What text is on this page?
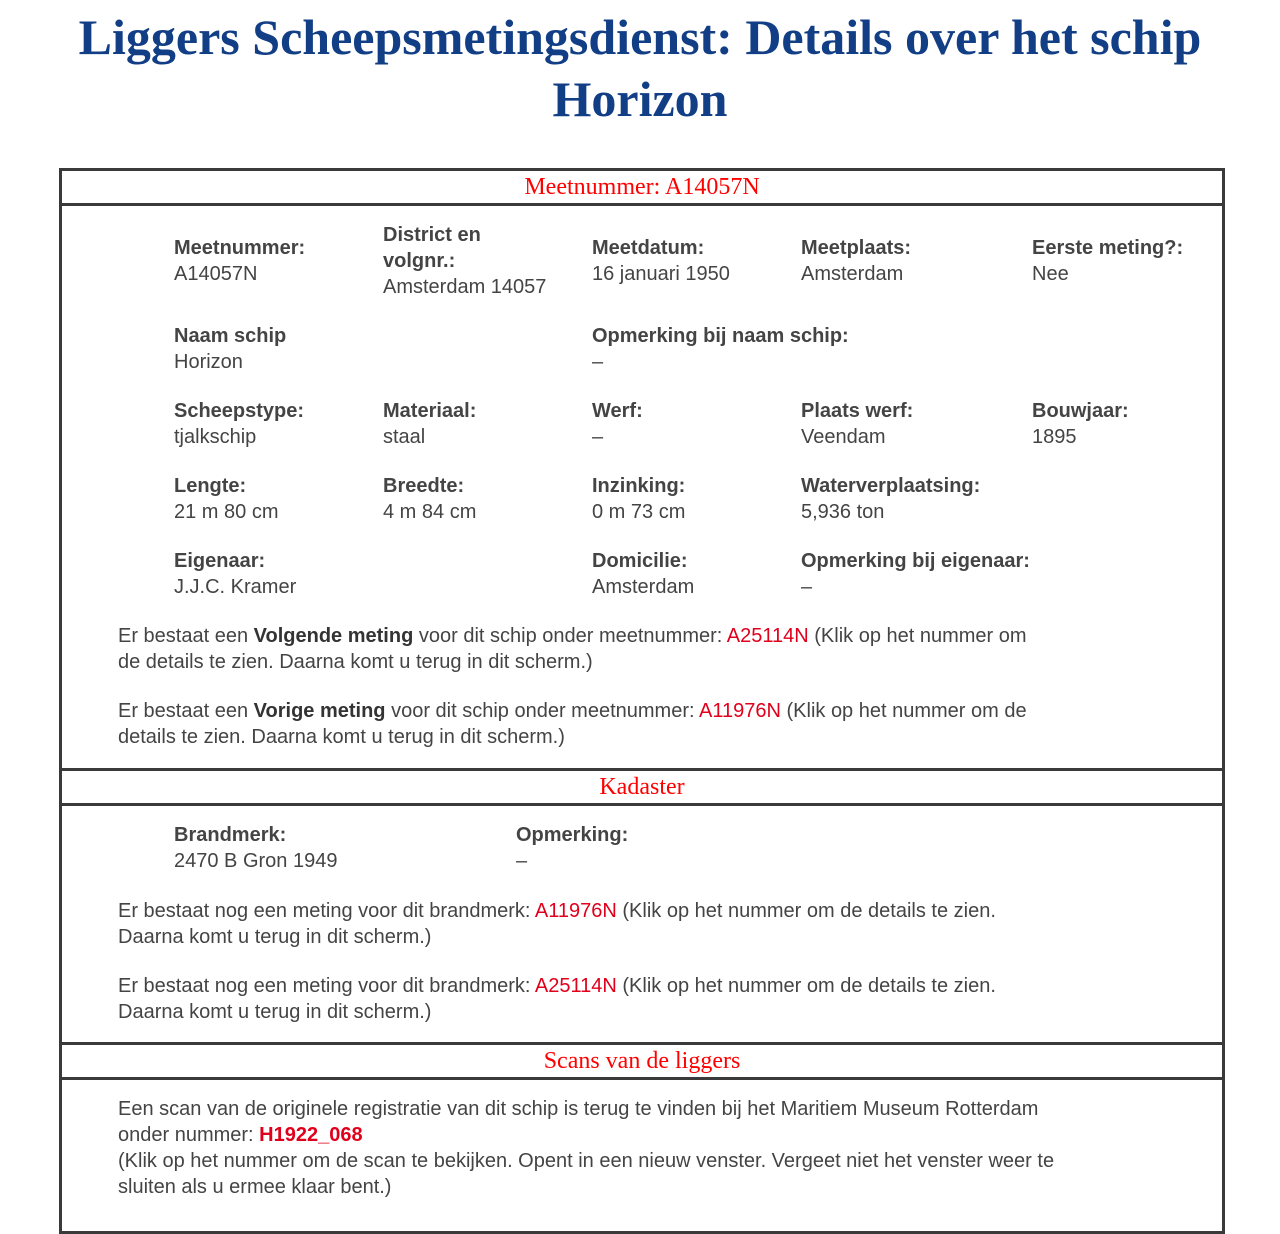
Liggers Scheepsmetingsdienst: Details over het schip
Horizon
Meetnummer: A14057N
Meetnummer:
A14057N
District en
volgnr.:
Amsterdam 14057
Meetdatum:
16 januari 1950
Meetplaats:
Amsterdam
Eerste meting?:
Nee
Naam schip
Horizon
Opmerking bij naam schip:
–
Scheepstype:
tjalkschip
Materiaal:
staal
Werf:
–
Plaats werf:
Veendam
Bouwjaar:
1895
Lengte:
21 m 80 cm
Breedte:
4 m 84 cm
Inzinking:
0 m 73 cm
Waterverplaatsing:
5,936 ton
Eigenaar:
J.J.C. Kramer
Domicilie:
Amsterdam
Opmerking bij eigenaar:
–
Er bestaat een Volgende meting voor dit schip onder meetnummer: A25114N (Klik op het nummer om
de details te zien. Daarna komt u terug in dit scherm.)
Er bestaat een Vorige meting voor dit schip onder meetnummer: A11976N (Klik op het nummer om de
details te zien. Daarna komt u terug in dit scherm.)
Kadaster
Brandmerk:
2470 B Gron 1949
Opmerking:
–
Er bestaat nog een meting voor dit brandmerk: A11976N (Klik op het nummer om de details te zien.
Daarna komt u terug in dit scherm.)
Er bestaat nog een meting voor dit brandmerk: A25114N (Klik op het nummer om de details te zien.
Daarna komt u terug in dit scherm.)
Scans van de liggers
Een scan van de originele registratie van dit schip is terug te vinden bij het Maritiem Museum Rotterdam
onder nummer: H1922_068
(Klik op het nummer om de scan te bekijken. Opent in een nieuw venster. Vergeet niet het venster weer te
sluiten als u ermee klaar bent.)
